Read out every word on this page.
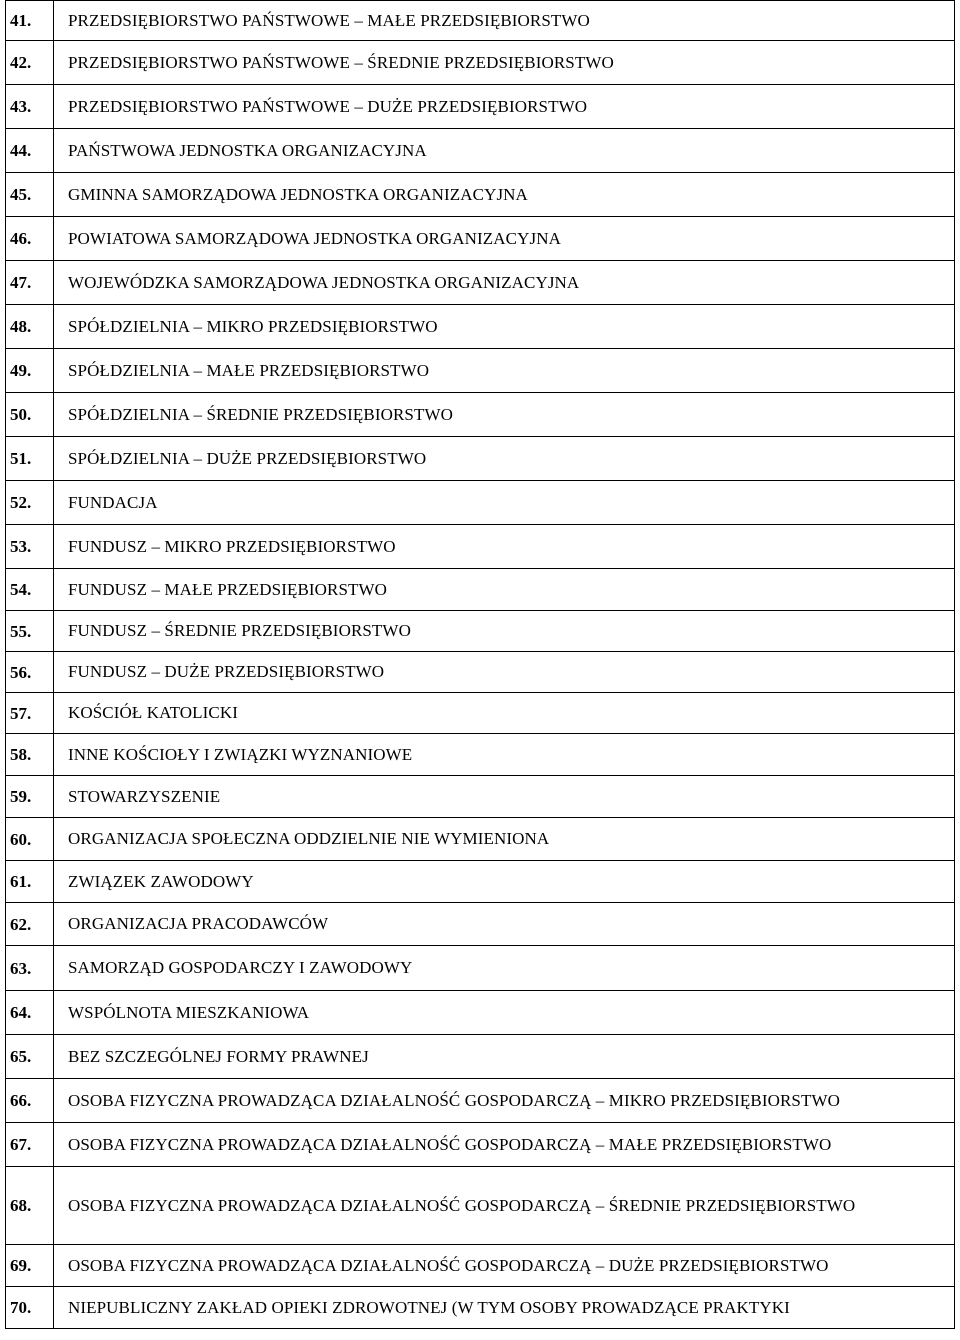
41.	PRZEDSIĘBIORSTWO PAŃSTWOWE – MAŁE PRZEDSIĘBIORSTWO
42.	PRZEDSIĘBIORSTWO PAŃSTWOWE – ŚREDNIE PRZEDSIĘBIORSTWO
43.	PRZEDSIĘBIORSTWO PAŃSTWOWE – DUŻE PRZEDSIĘBIORSTWO
44.	PAŃSTWOWA JEDNOSTKA ORGANIZACYJNA
45.	GMINNA SAMORZĄDOWA JEDNOSTKA ORGANIZACYJNA
46.	POWIATOWA SAMORZĄDOWA JEDNOSTKA ORGANIZACYJNA
47.	WOJEWÓDZKA SAMORZĄDOWA JEDNOSTKA ORGANIZACYJNA
48.	SPÓŁDZIELNIA – MIKRO PRZEDSIĘBIORSTWO
49.	SPÓŁDZIELNIA – MAŁE PRZEDSIĘBIORSTWO
50.	SPÓŁDZIELNIA – ŚREDNIE PRZEDSIĘBIORSTWO
51.	SPÓŁDZIELNIA – DUŻE PRZEDSIĘBIORSTWO
52.	FUNDACJA
53.	FUNDUSZ – MIKRO PRZEDSIĘBIORSTWO
54.	FUNDUSZ – MAŁE PRZEDSIĘBIORSTWO
55.	FUNDUSZ – ŚREDNIE PRZEDSIĘBIORSTWO
56.	FUNDUSZ – DUŻE PRZEDSIĘBIORSTWO
57.	KOŚCIÓŁ KATOLICKI
58.	INNE KOŚCIOŁY I ZWIĄZKI WYZNANIOWE
59.	STOWARZYSZENIE
60.	ORGANIZACJA SPOŁECZNA ODDZIELNIE NIE WYMIENIONA
61.	ZWIĄZEK ZAWODOWY
62.	ORGANIZACJA PRACODAWCÓW
63.	SAMORZĄD GOSPODARCZY I ZAWODOWY
64.	WSPÓLNOTA MIESZKANIOWA
65.	BEZ SZCZEGÓLNEJ FORMY PRAWNEJ
66.	OSOBA FIZYCZNA PROWADZĄCA DZIAŁALNOŚĆ GOSPODARCZĄ – MIKRO PRZEDSIĘBIORSTWO
67.	OSOBA FIZYCZNA PROWADZĄCA DZIAŁALNOŚĆ GOSPODARCZĄ – MAŁE PRZEDSIĘBIORSTWO
68.	OSOBA FIZYCZNA PROWADZĄCA DZIAŁALNOŚĆ GOSPODARCZĄ – ŚREDNIE PRZEDSIĘBIORSTWO
69.	OSOBA FIZYCZNA PROWADZĄCA DZIAŁALNOŚĆ GOSPODARCZĄ – DUŻE PRZEDSIĘBIORSTWO
70.	NIEPUBLICZNY ZAKŁAD OPIEKI ZDROWOTNEJ (W TYM OSOBY PROWADZĄCE PRAKTYKI
